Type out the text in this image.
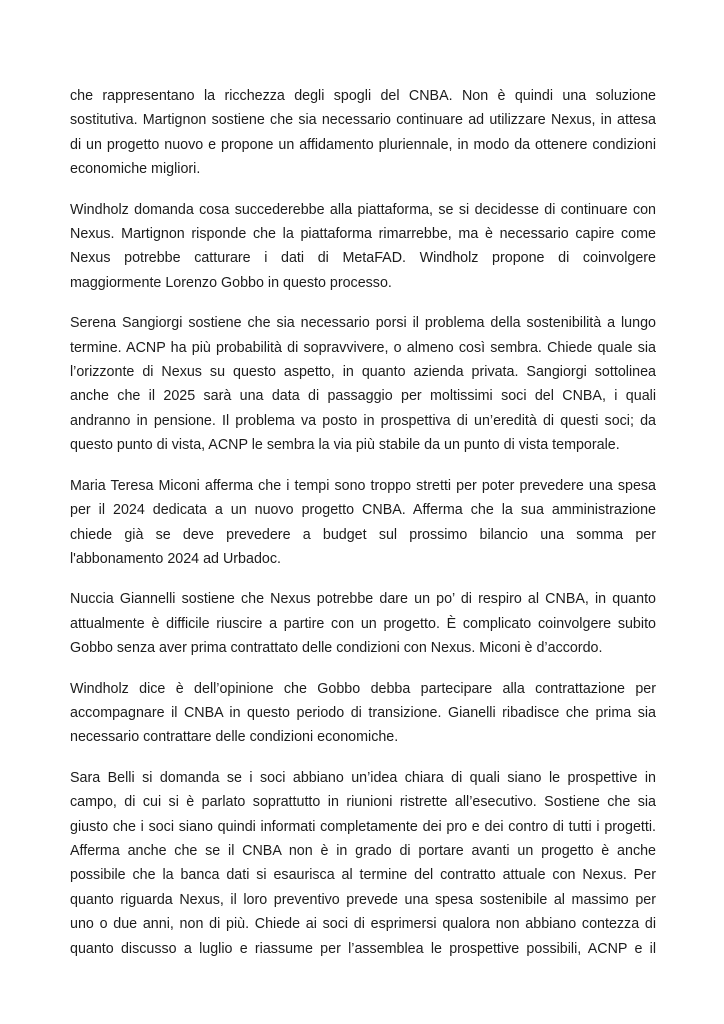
che rappresentano la ricchezza degli spogli del CNBA. Non è quindi una soluzione
sostitutiva. Martignon sostiene che sia necessario continuare ad utilizzare Nexus, in attesa
di un progetto nuovo e propone un affidamento pluriennale, in modo da ottenere condizioni
economiche migliori.

Windholz domanda cosa succederebbe alla piattaforma, se si decidesse di continuare con
Nexus. Martignon risponde che la piattaforma rimarrebbe, ma è necessario capire come
Nexus potrebbe catturare i dati di MetaFAD. Windholz propone di coinvolgere
maggiormente Lorenzo Gobbo in questo processo.

Serena Sangiorgi sostiene che sia necessario porsi il problema della sostenibilità a lungo
termine. ACNP ha più probabilità di sopravvivere, o almeno così sembra. Chiede quale sia
l’orizzonte di Nexus su questo aspetto, in quanto azienda privata. Sangiorgi sottolinea
anche che il 2025 sarà una data di passaggio per moltissimi soci del CNBA, i quali
andranno in pensione. Il problema va posto in prospettiva di un’eredità di questi soci; da
questo punto di vista, ACNP le sembra la via più stabile da un punto di vista temporale.

Maria Teresa Miconi afferma che i tempi sono troppo stretti per poter prevedere una spesa
per il 2024 dedicata a un nuovo progetto CNBA. Afferma che la sua amministrazione
chiede già se deve prevedere a budget sul prossimo bilancio una somma per
l'abbonamento 2024 ad Urbadoc.

Nuccia Giannelli sostiene che Nexus potrebbe dare un po’ di respiro al CNBA, in quanto
attualmente è difficile riuscire a partire con un progetto. È complicato coinvolgere subito
Gobbo senza aver prima contrattato delle condizioni con Nexus. Miconi è d’accordo.

Windholz dice è dell’opinione che Gobbo debba partecipare alla contrattazione per
accompagnare il CNBA in questo periodo di transizione. Gianelli ribadisce che prima sia
necessario contrattare delle condizioni economiche.

Sara Belli si domanda se i soci abbiano un’idea chiara di quali siano le prospettive in
campo, di cui si è parlato soprattutto in riunioni ristrette all’esecutivo. Sostiene che sia
giusto che i soci siano quindi informati completamente dei pro e dei contro di tutti i progetti.
Afferma anche che se il CNBA non è in grado di portare avanti un progetto è anche
possibile che la banca dati si esaurisca al termine del contratto attuale con Nexus. Per
quanto riguarda Nexus, il loro preventivo prevede una spesa sostenibile al massimo per
uno o due anni, non di più. Chiede ai soci di esprimersi qualora non abbiano contezza di
quanto discusso a luglio e riassume per l’assemblea le prospettive possibili, ACNP e il
